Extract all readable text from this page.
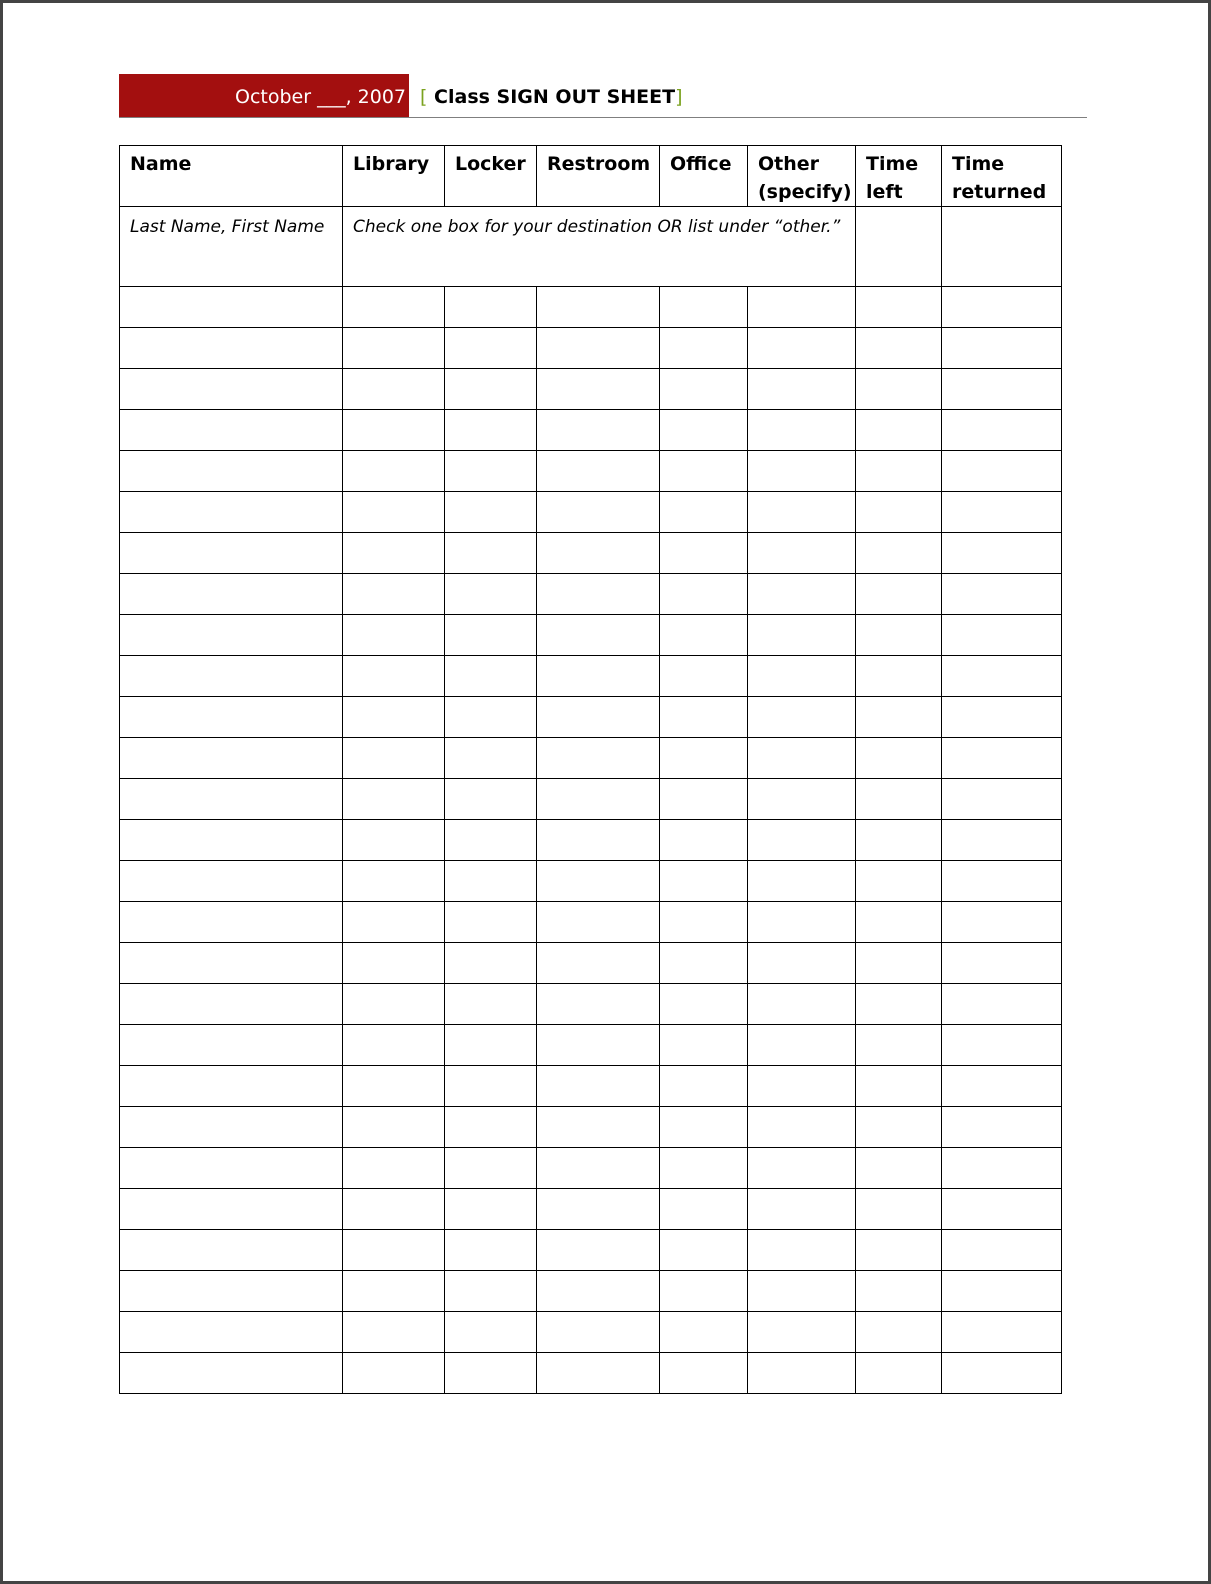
October ___, 2007 [ Class SIGN OUT SHEET]
Name	Library	Locker	Restroom	Office	Other (specify)	Time left	Time returned
Last Name, First Name	Check one box for your destination OR list under “other.”						
